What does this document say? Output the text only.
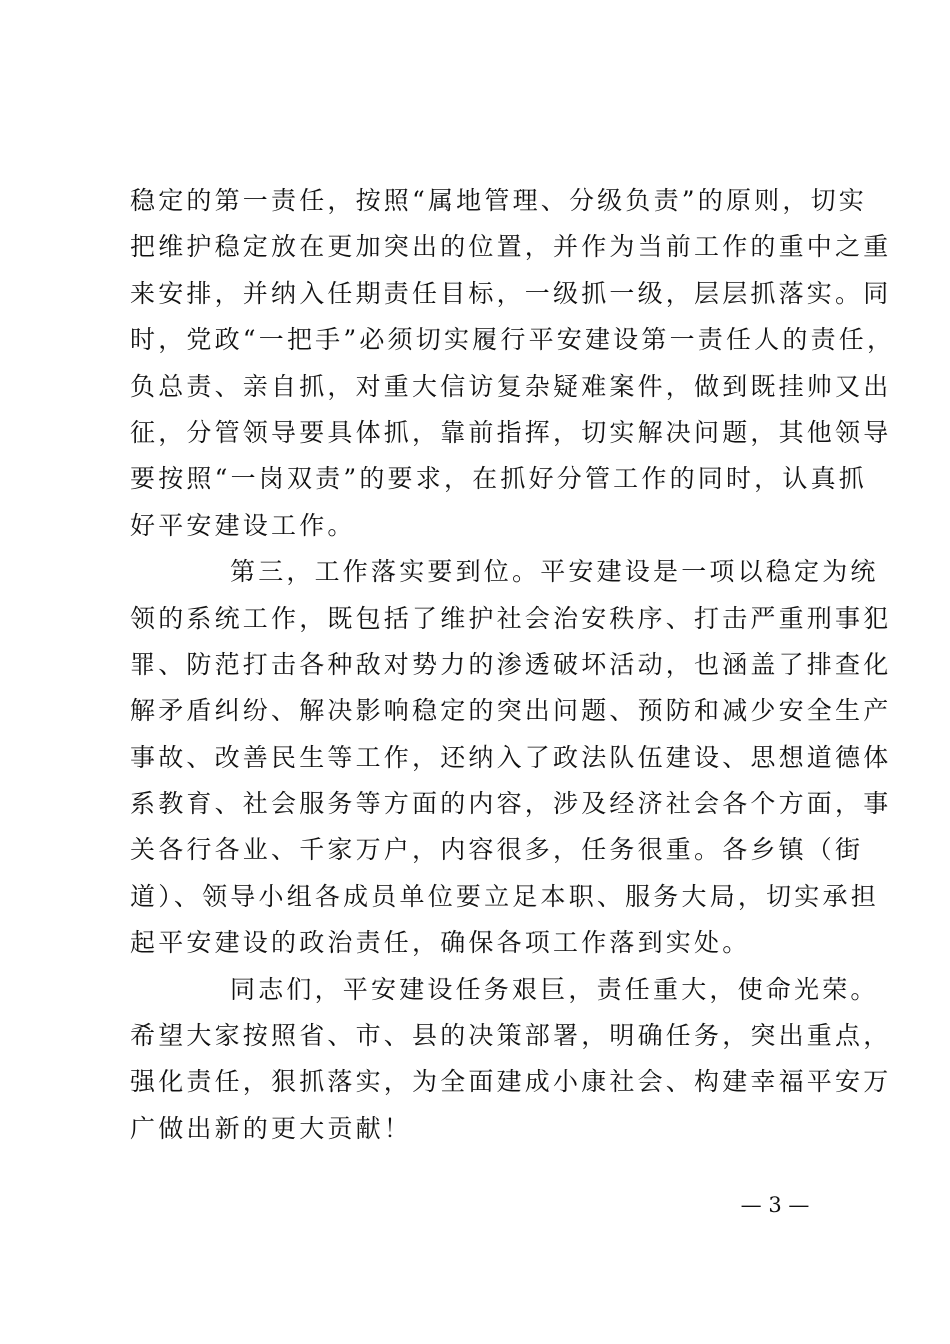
稳定的第一责任，按照“属地管理、分级负责”的原则，切实
把维护稳定放在更加突出的位置，并作为当前工作的重中之重
来安排，并纳入任期责任目标，一级抓一级，层层抓落实。同
时，党政“一把手”必须切实履行平安建设第一责任人的责任，
负总责、亲自抓，对重大信访复杂疑难案件，做到既挂帅又出
征，分管领导要具体抓，靠前指挥，切实解决问题，其他领导
要按照“一岗双责”的要求，在抓好分管工作的同时，认真抓
好平安建设工作。
第三，工作落实要到位。平安建设是一项以稳定为统
领的系统工作，既包括了维护社会治安秩序、打击严重刑事犯
罪、防范打击各种敌对势力的渗透破坏活动，也涵盖了排查化
解矛盾纠纷、解决影响稳定的突出问题、预防和减少安全生产
事故、改善民生等工作，还纳入了政法队伍建设、思想道德体
系教育、社会服务等方面的内容，涉及经济社会各个方面，事
关各行各业、千家万户，内容很多，任务很重。各乡镇（街
道）、领导小组各成员单位要立足本职、服务大局，切实承担
起平安建设的政治责任，确保各项工作落到实处。
同志们，平安建设任务艰巨，责任重大，使命光荣。
希望大家按照省、市、县的决策部署，明确任务，突出重点，
强化责任，狠抓落实，为全面建成小康社会、构建幸福平安万
广做出新的更大贡献！
— 3 —
